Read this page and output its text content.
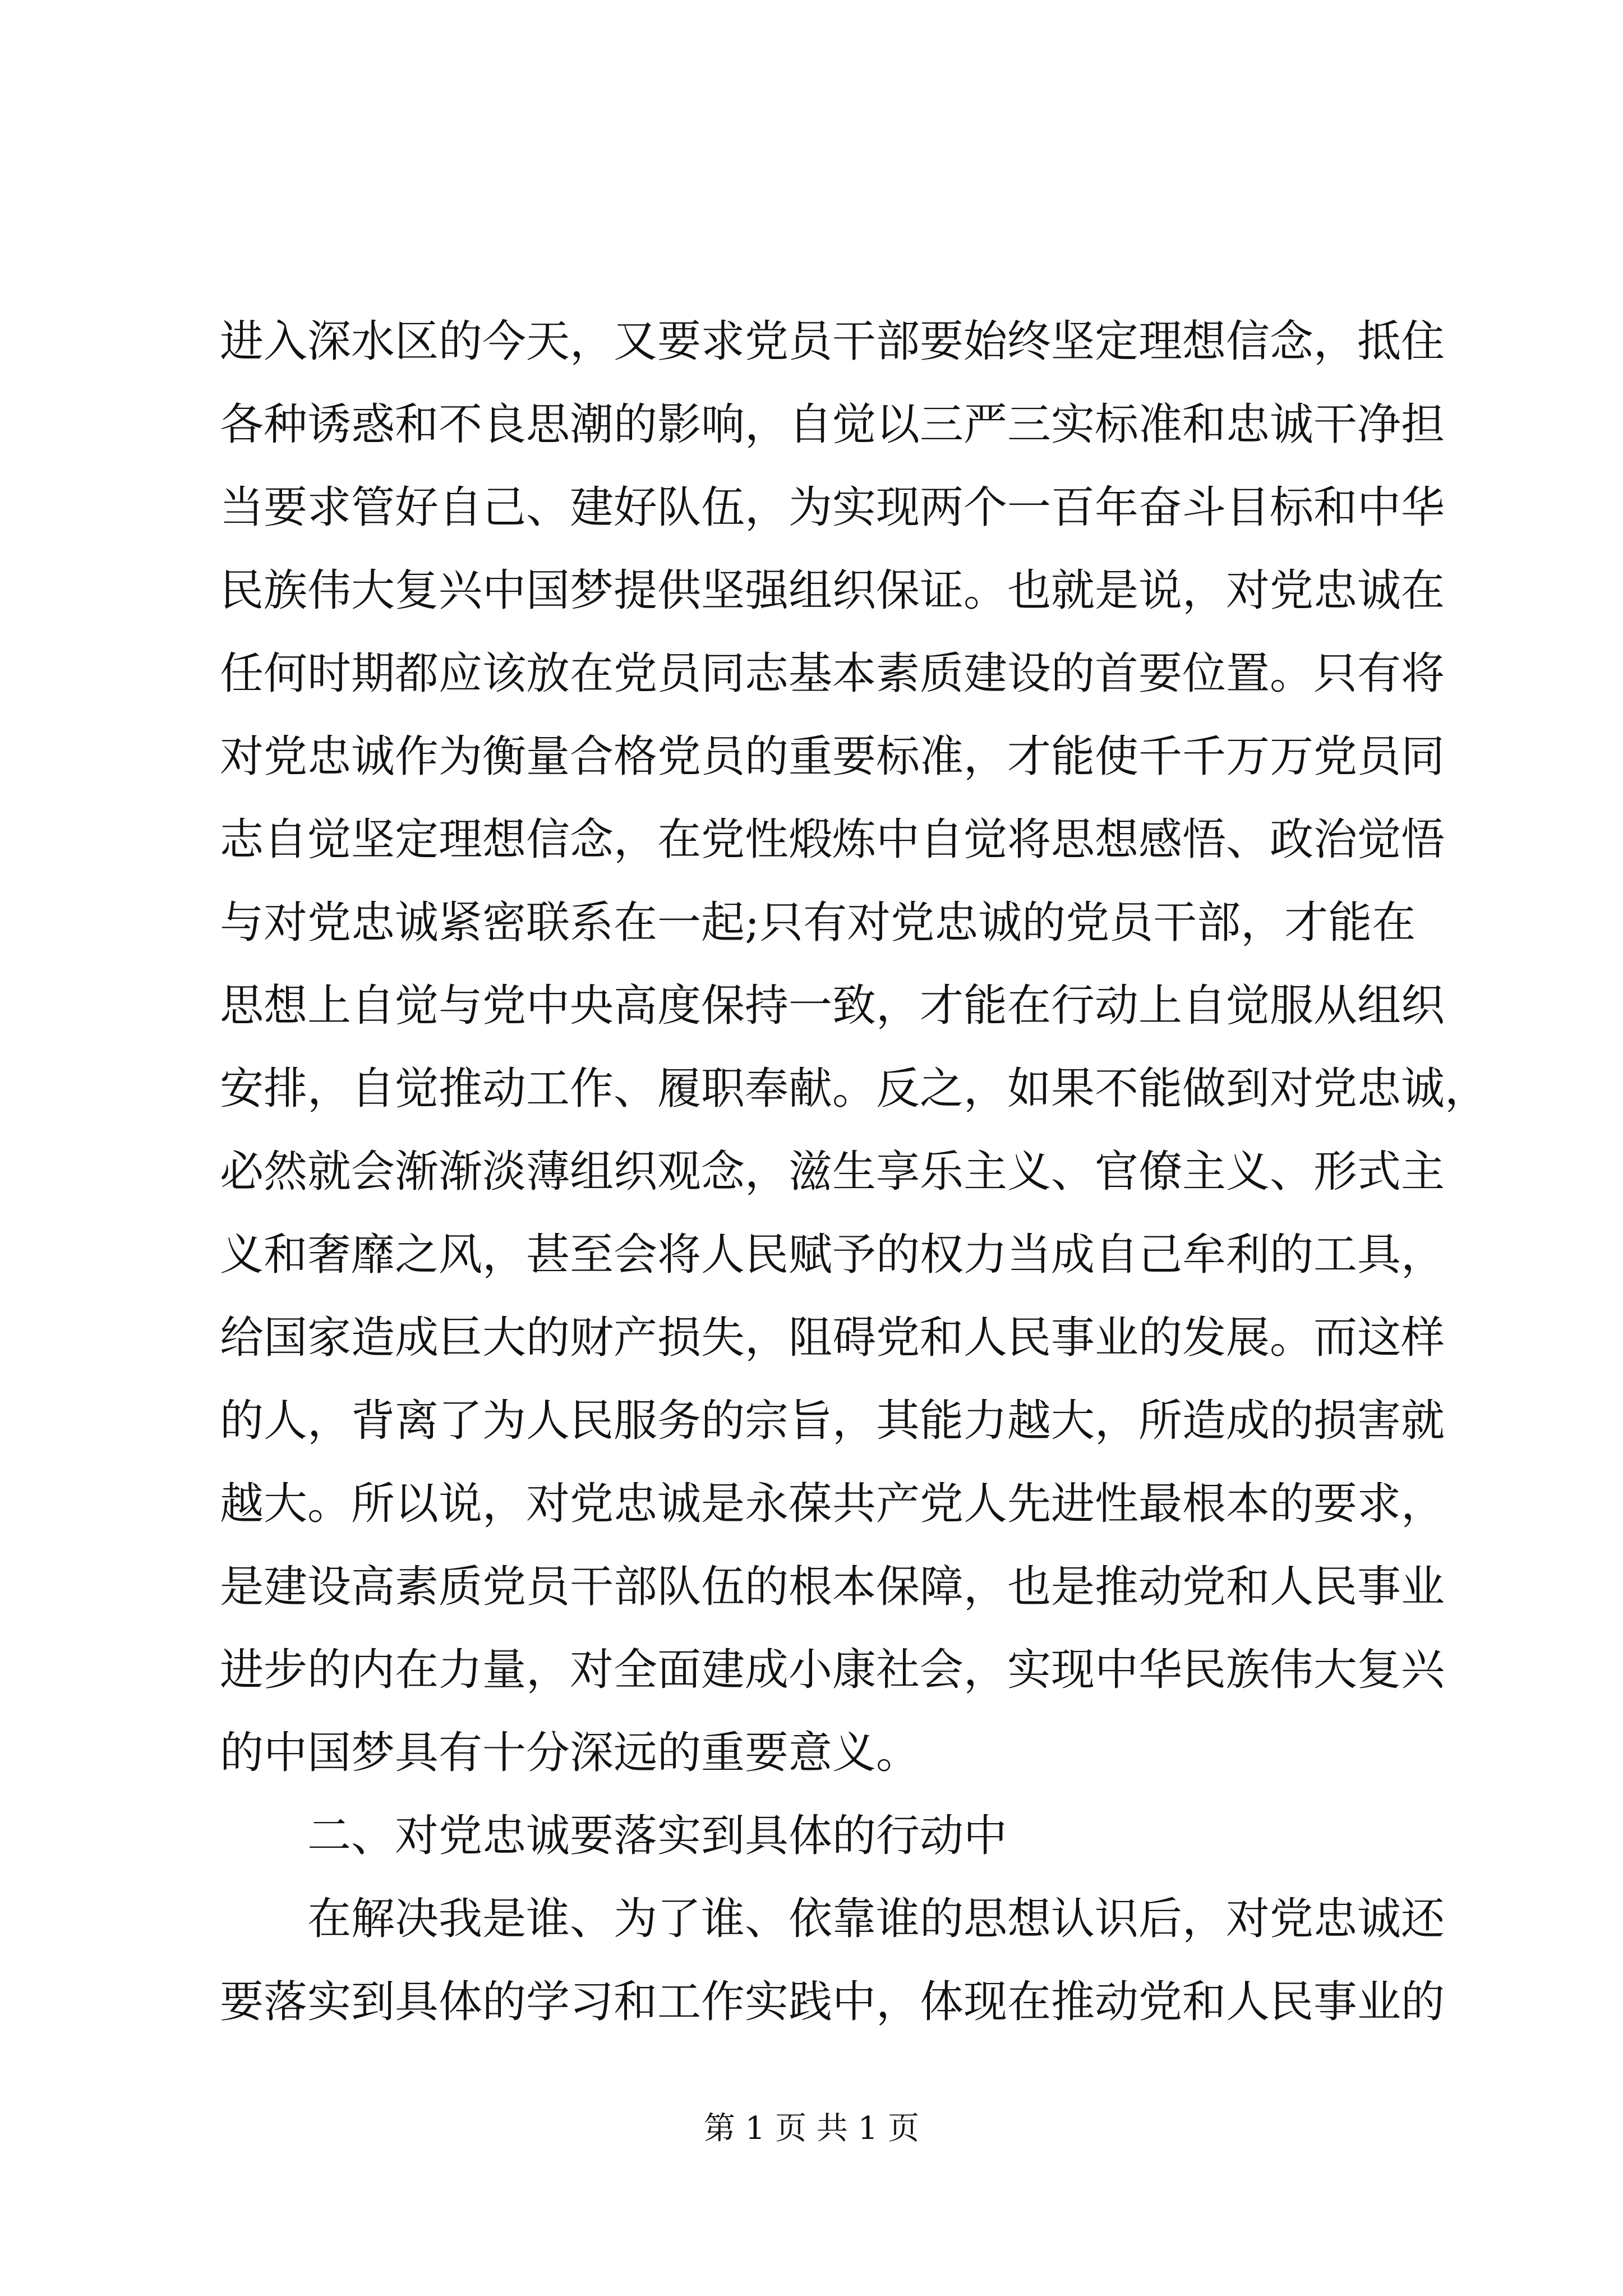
进入深水区的今天，又要求党员干部要始终坚定理想信念，抵住
各种诱惑和不良思潮的影响，自觉以三严三实标准和忠诚干净担
当要求管好自己、建好队伍，为实现两个一百年奋斗目标和中华
民族伟大复兴中国梦提供坚强组织保证。也就是说，对党忠诚在
任何时期都应该放在党员同志基本素质建设的首要位置。只有将
对党忠诚作为衡量合格党员的重要标准，才能使千千万万党员同
志自觉坚定理想信念，在党性煅炼中自觉将思想感悟、政治觉悟
与对党忠诚紧密联系在一起;只有对党忠诚的党员干部，才能在
思想上自觉与党中央高度保持一致，才能在行动上自觉服从组织
安排，自觉推动工作、履职奉献。反之，如果不能做到对党忠诚，
必然就会渐渐淡薄组织观念，滋生享乐主义、官僚主义、形式主
义和奢靡之风，甚至会将人民赋予的权力当成自己牟利的工具，
给国家造成巨大的财产损失，阻碍党和人民事业的发展。而这样
的人，背离了为人民服务的宗旨，其能力越大，所造成的损害就
越大。所以说，对党忠诚是永葆共产党人先进性最根本的要求，
是建设高素质党员干部队伍的根本保障，也是推动党和人民事业
进步的内在力量，对全面建成小康社会，实现中华民族伟大复兴
的中国梦具有十分深远的重要意义。
二、对党忠诚要落实到具体的行动中
在解决我是谁、为了谁、依靠谁的思想认识后，对党忠诚还
要落实到具体的学习和工作实践中，体现在推动党和人民事业的
第 1 页 共 1 页
